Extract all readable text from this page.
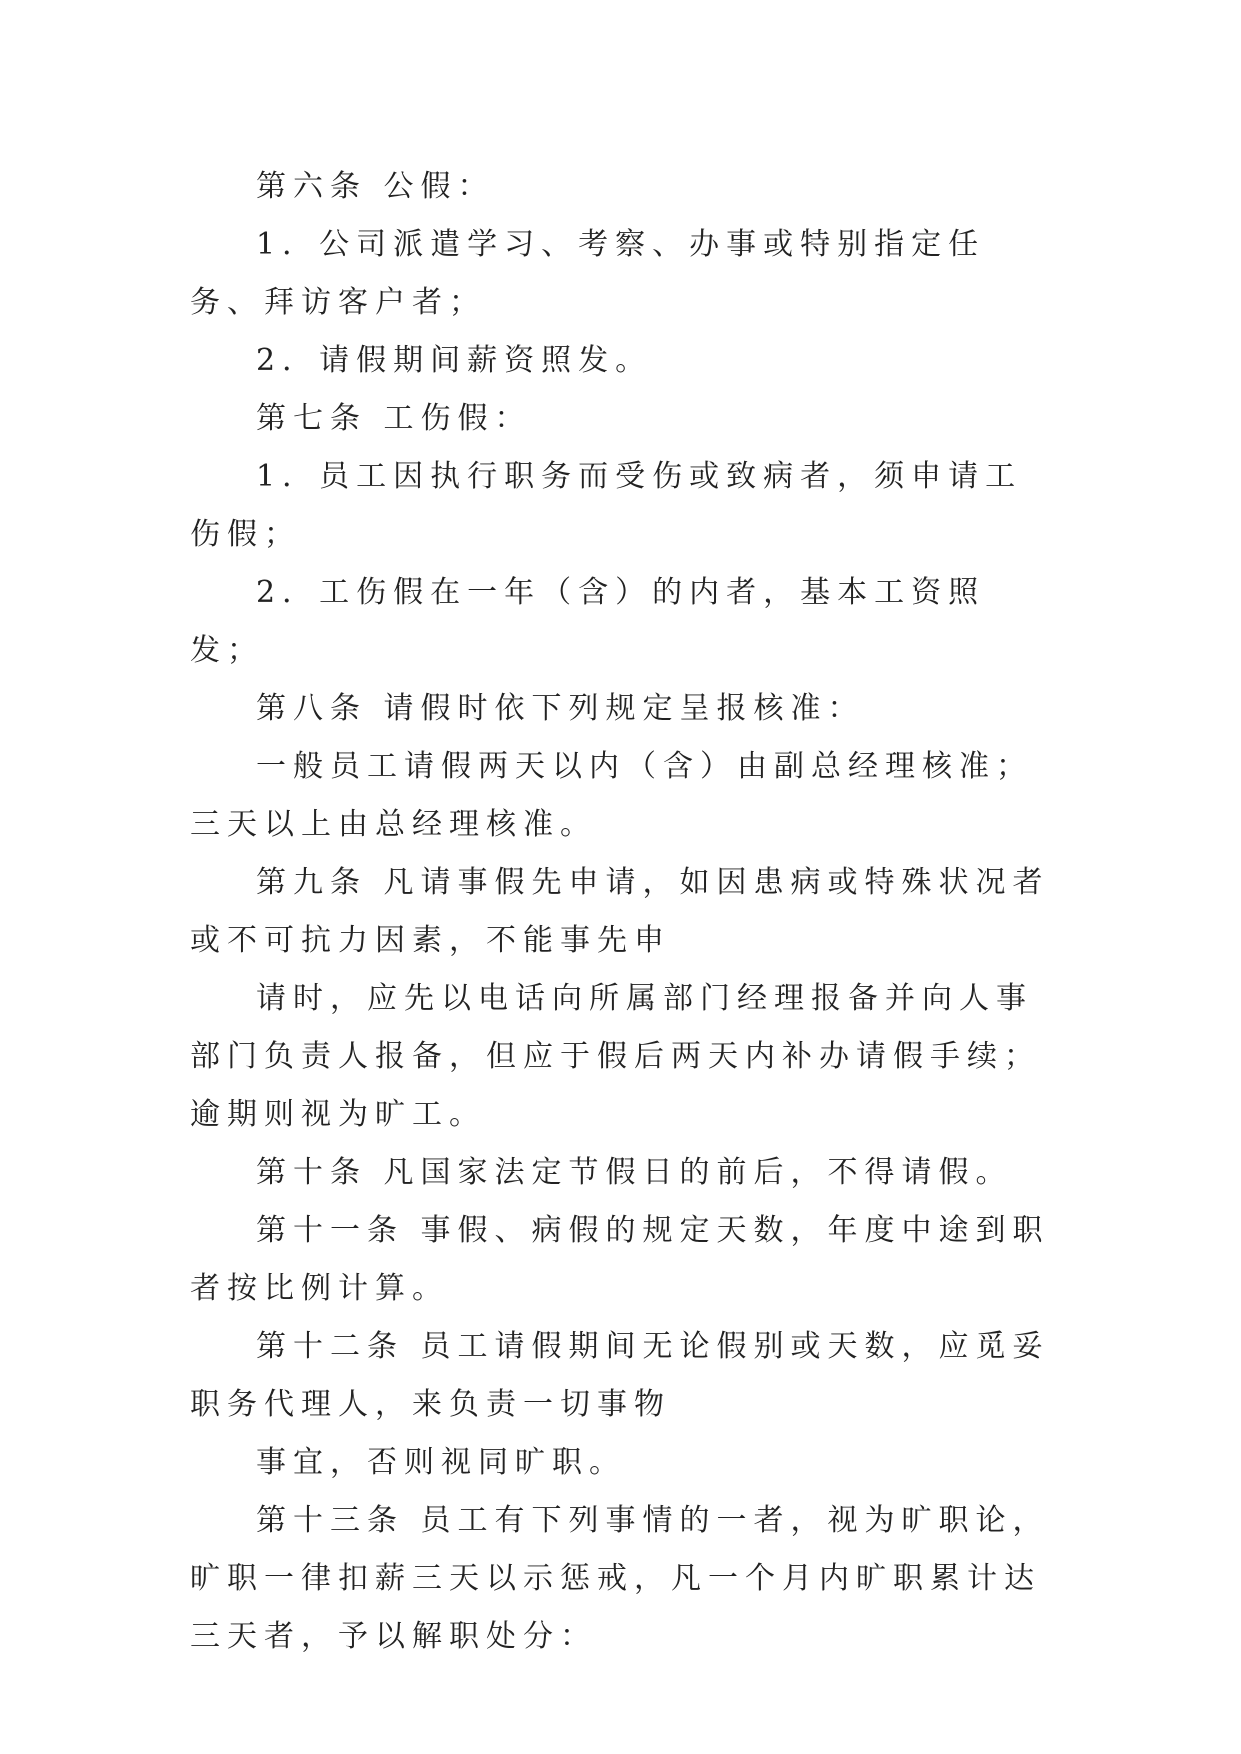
第六条 公假：

1．公司派遣学习、考察、办事或特别指定任务、拜访客户者；

2．请假期间薪资照发。

第七条 工伤假：

1．员工因执行职务而受伤或致病者，须申请工伤假；

2．工伤假在一年（含）的内者，基本工资照发；

第八条 请假时依下列规定呈报核准：

一般员工请假两天以内（含）由副总经理核准；三天以上由总经理核准。

第九条 凡请事假先申请，如因患病或特殊状况者或不可抗力因素，不能事先申

请时，应先以电话向所属部门经理报备并向人事部门负责人报备，但应于假后两天内补办请假手续；逾期则视为旷工。

第十条 凡国家法定节假日的前后，不得请假。

第十一条 事假、病假的规定天数，年度中途到职者按比例计算。

第十二条 员工请假期间无论假别或天数，应觅妥职务代理人，来负责一切事物

事宜，否则视同旷职。

第十三条 员工有下列事情的一者，视为旷职论，旷职一律扣薪三天以示惩戒，凡一个月内旷职累计达三天者，予以解职处分：
